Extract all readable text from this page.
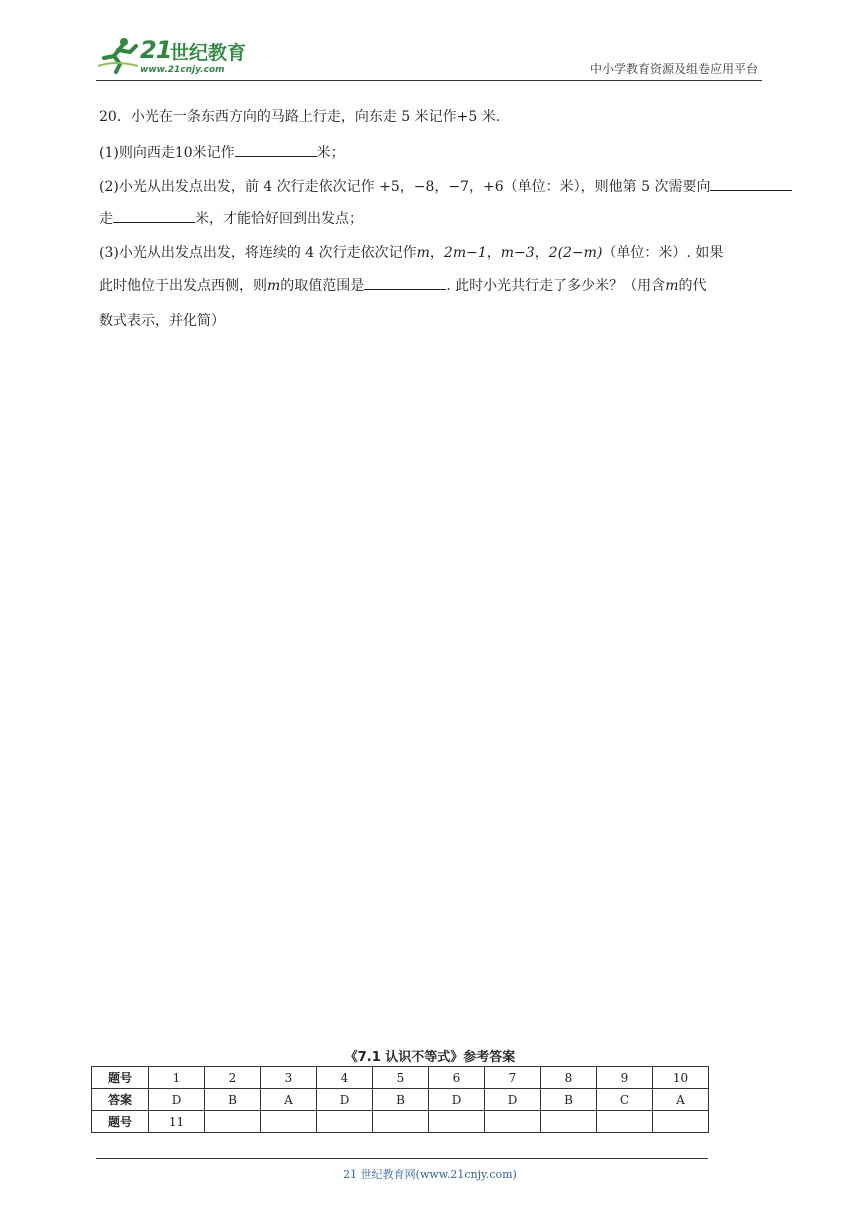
21
世纪教育
www.21cnjy.com	中小学教育资源及组卷应用平台
20．小光在一条东西方向的马路上行走，向东走 5 米记作+5 米.
(1)则向西走10米记作	米；
(2)小光从出发点出发，前 4 次行走依次记作 +5，−8，−7，+6（单位：米），则他第 5 次需要向
走	米，才能恰好回到出发点；
(3)小光从出发点出发，将连续的 4 次行走依次记作m，2m−1，m−3，2(2−m)（单位：米）. 如果
此时他位于出发点西侧，则m的取值范围是	. 此时小光共行走了多少米？（用含m的代
数式表示，并化简）
《7.1 认识不等式》参考答案
题号	1	2	3	4	5	6	7	8	9	10
答案	D	B	A	D	B	D	D	B	C	A
题号	11									
21 世纪教育网(www.21cnjy.com)
